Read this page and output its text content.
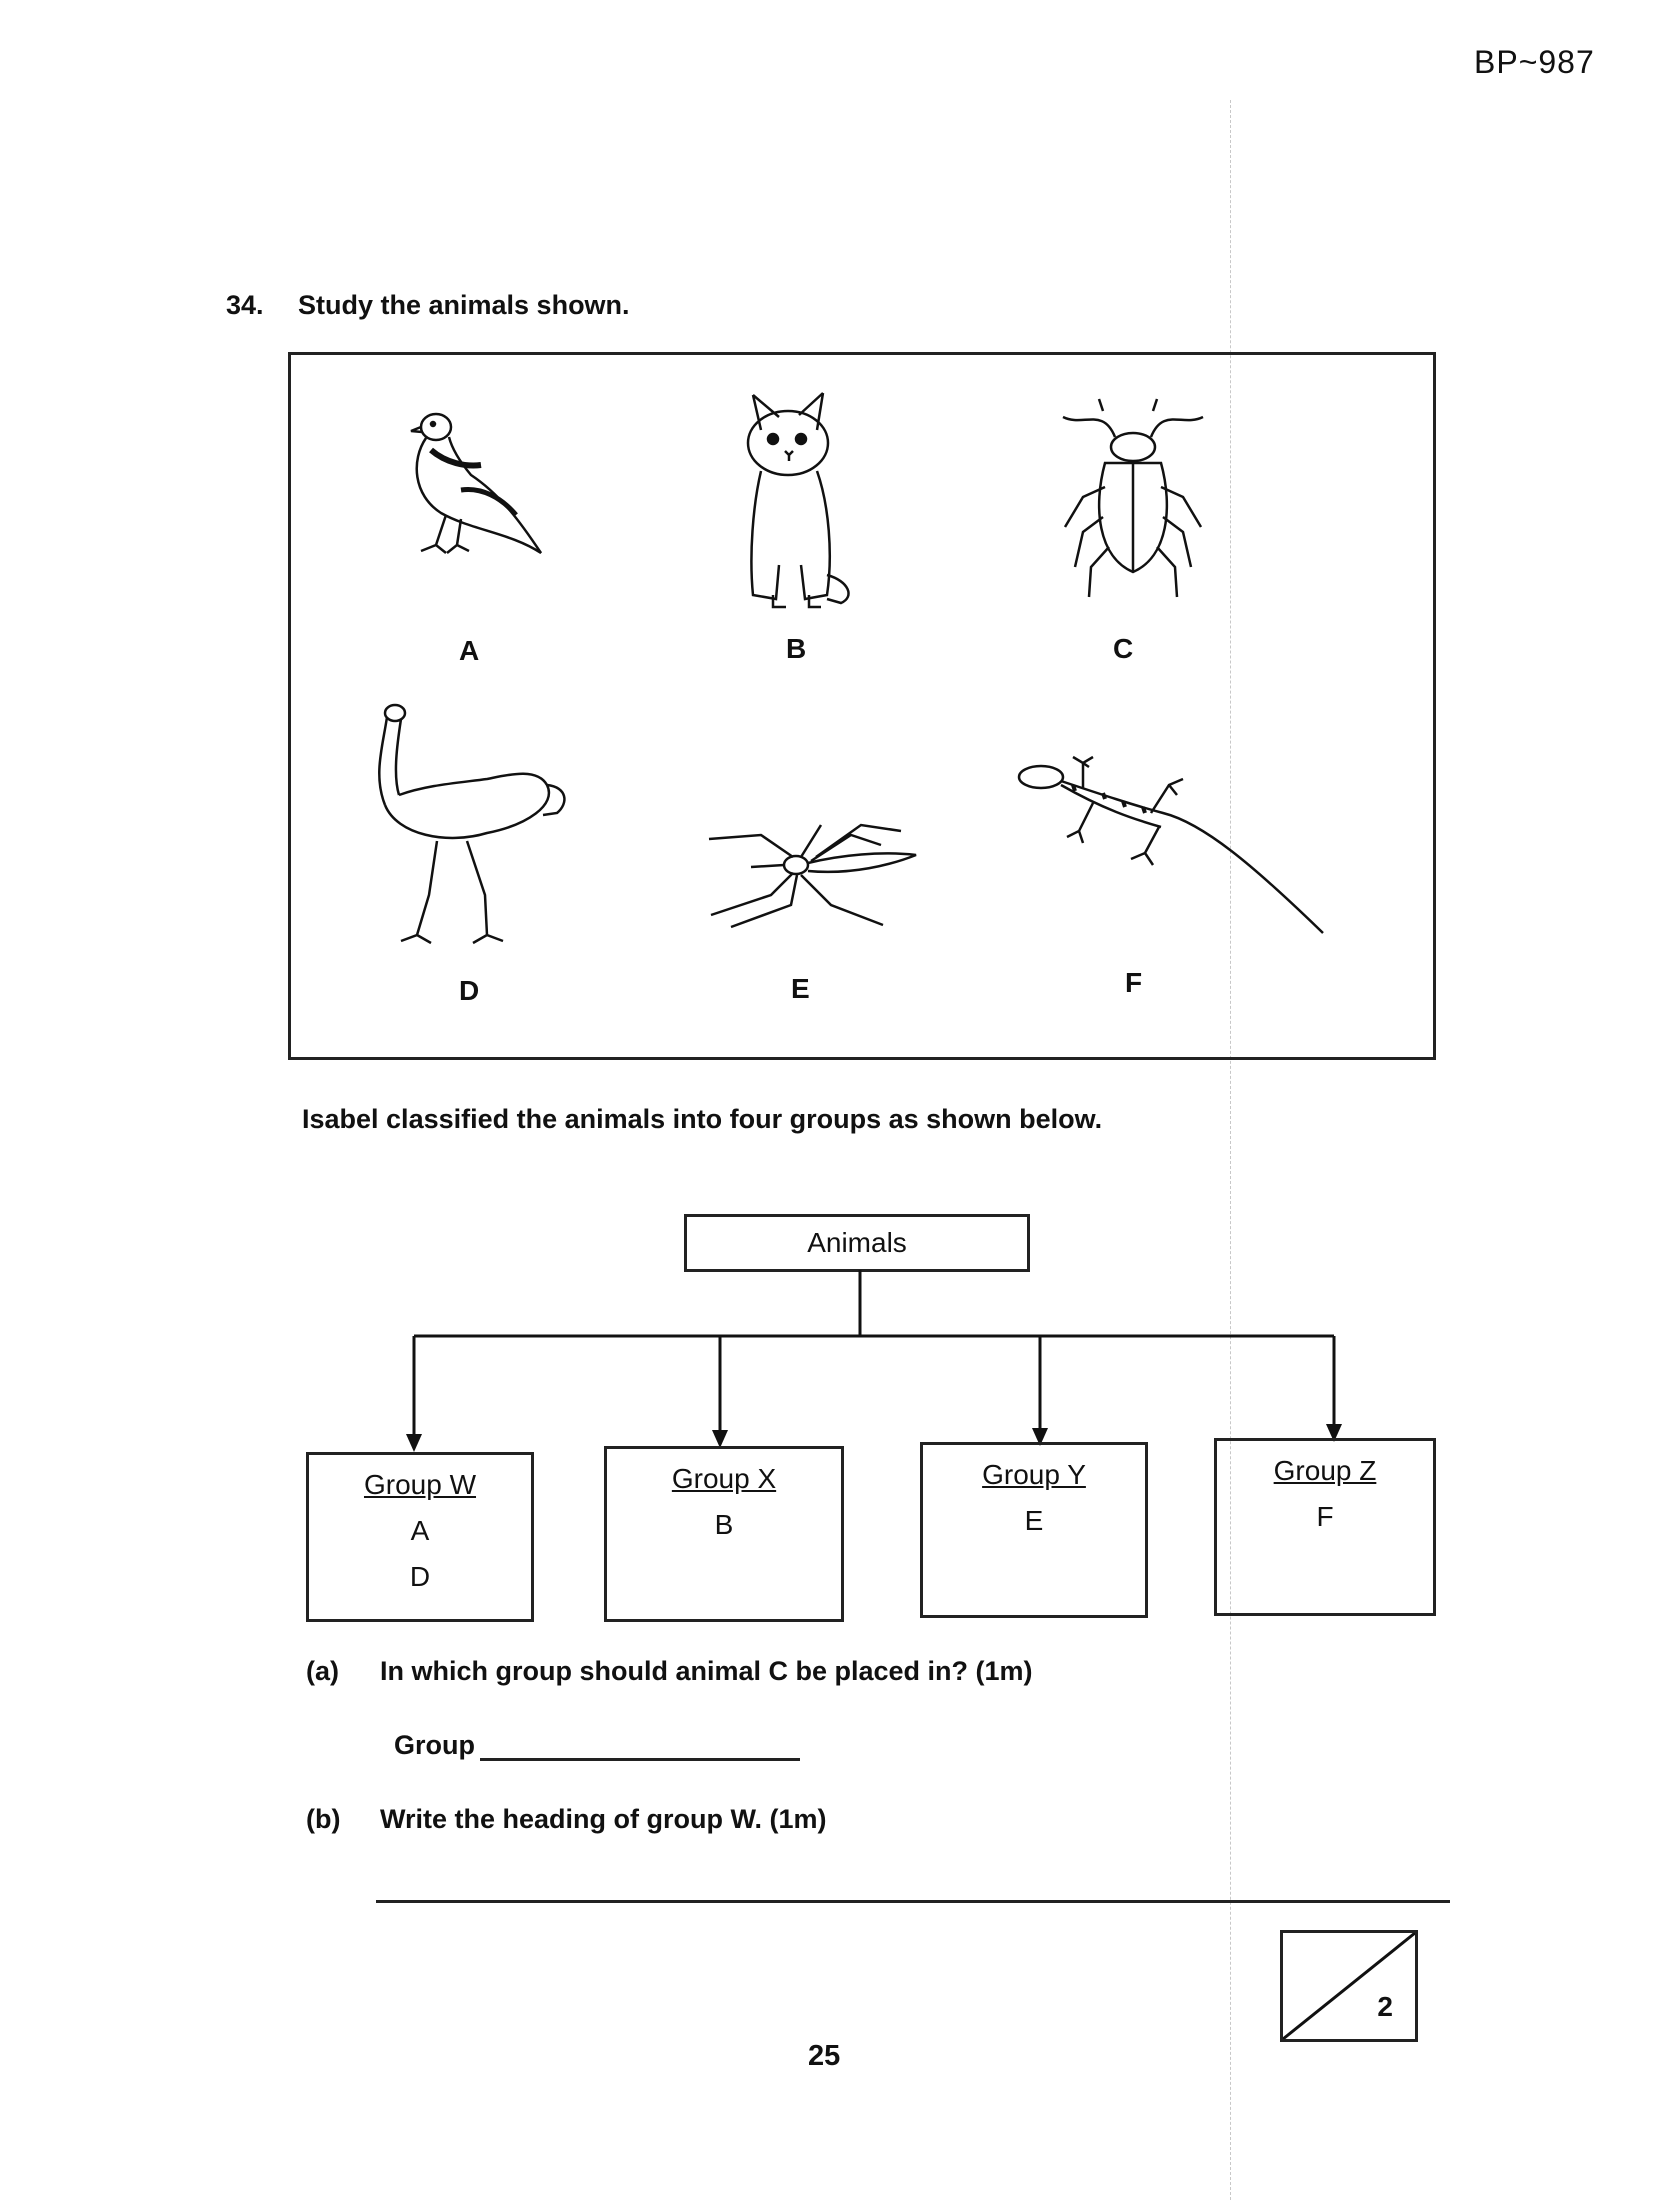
BP~987
34. Study the animals shown.
A	B	C
D	E	F
Isabel classified the animals into four groups as shown below.
Animals
Group W
A
D
Group X
B
Group Y
E
Group Z
F
(a) In which group should animal C be placed in? (1m)
Group
(b) Write the heading of group W. (1m)
2
25
